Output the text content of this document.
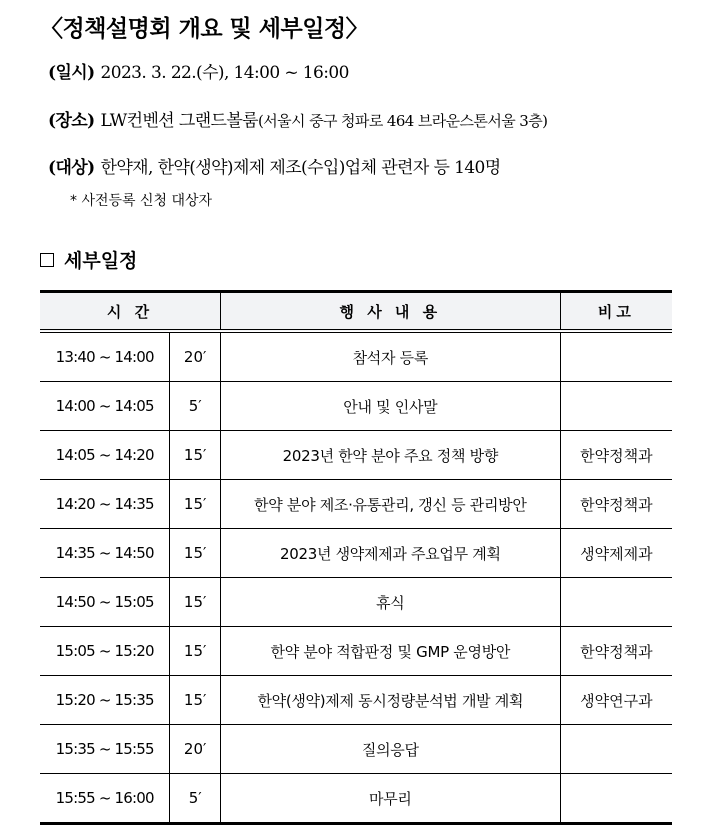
〈정책설명회 개요 및 세부일정〉
(일시) 2023. 3. 22.(수), 14:00 ~ 16:00
(장소) LW컨벤션 그랜드볼룸(서울시 중구 청파로 464 브라운스톤서울 3층)
(대상) 한약재, 한약(생약)제제 제조(수입)업체 관련자 등 140명
* 사전등록 신청 대상자
세부일정
시 간		행 사 내 용	비고
13:40 ~ 14:00	20′	참석자 등록	
14:00 ~ 14:05	5′	안내 및 인사말	
14:05 ~ 14:20	15′	2023년 한약 분야 주요 정책 방향	한약정책과
14:20 ~ 14:35	15′	한약 분야 제조·유통관리, 갱신 등 관리방안	한약정책과
14:35 ~ 14:50	15′	2023년 생약제제과 주요업무 계획	생약제제과
14:50 ~ 15:05	15′	휴식	
15:05 ~ 15:20	15′	한약 분야 적합판정 및 GMP 운영방안	한약정책과
15:20 ~ 15:35	15′	한약(생약)제제 동시정량분석법 개발 계획	생약연구과
15:35 ~ 15:55	20′	질의응답	
15:55 ~ 16:00	5′	마무리	
